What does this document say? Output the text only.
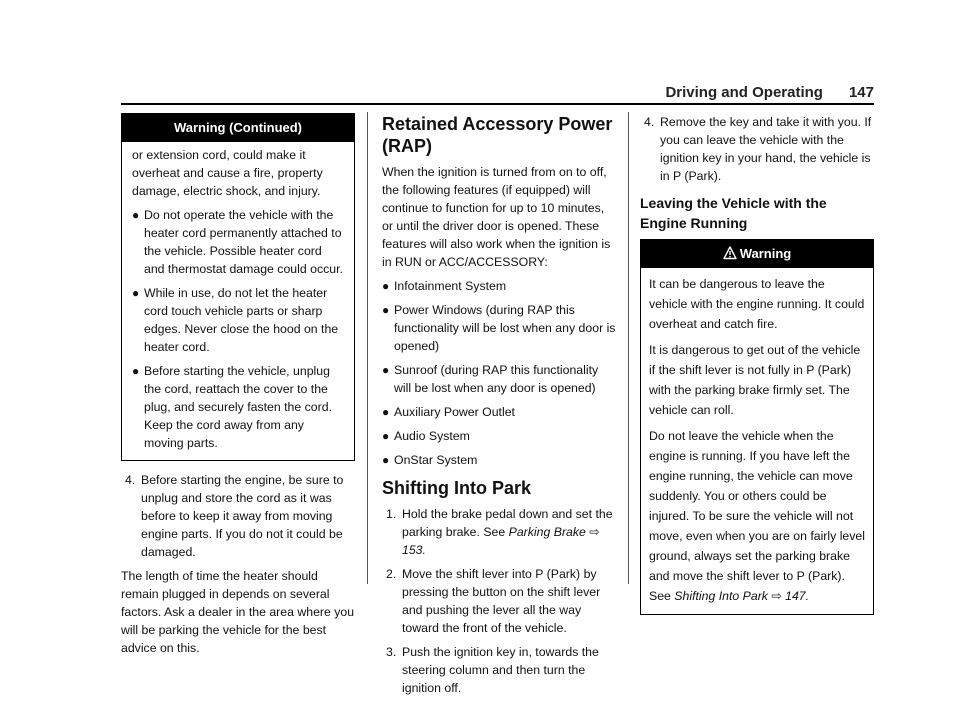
Driving and Operating 147
Warning (Continued)

or extension cord, could make it overheat and cause a fire, property damage, electric shock, and injury.

● Do not operate the vehicle with the heater cord permanently attached to the vehicle. Possible heater cord and thermostat damage could occur.
● While in use, do not let the heater cord touch vehicle parts or sharp edges. Never close the hood on the heater cord.
● Before starting the vehicle, unplug the cord, reattach the cover to the plug, and securely fasten the cord. Keep the cord away from any moving parts.
4. Before starting the engine, be sure to unplug and store the cord as it was before to keep it away from moving engine parts. If you do not it could be damaged.

The length of time the heater should remain plugged in depends on several factors. Ask a dealer in the area where you will be parking the vehicle for the best advice on this.

Retained Accessory Power (RAP)

When the ignition is turned from on to off, the following features (if equipped) will continue to function for up to 10 minutes, or until the driver door is opened. These features will also work when the ignition is in RUN or ACC/ACCESSORY:

● Infotainment System
● Power Windows (during RAP this functionality will be lost when any door is opened)
● Sunroof (during RAP this functionality will be lost when any door is opened)
● Auxiliary Power Outlet
● Audio System
● OnStar System
Shifting Into Park
1. Hold the brake pedal down and set the parking brake. See Parking Brake ⇨ 153.
2. Move the shift lever into P (Park) by pressing the button on the shift lever and pushing the lever all the way toward the front of the vehicle.
3. Push the ignition key in, towards the steering column and then turn the ignition off.
4. Remove the key and take it with you. If you can leave the vehicle with the ignition key in your hand, the vehicle is in P (Park).
Leaving the Vehicle with the Engine Running
Warning

It can be dangerous to leave the vehicle with the engine running. It could overheat and catch fire.

It is dangerous to get out of the vehicle if the shift lever is not fully in P (Park) with the parking brake firmly set. The vehicle can roll.

Do not leave the vehicle when the engine is running. If you have left the engine running, the vehicle can move suddenly. You or others could be injured. To be sure the vehicle will not move, even when you are on fairly level ground, always set the parking brake and move the shift lever to P (Park). See Shifting Into Park ⇨ 147.
